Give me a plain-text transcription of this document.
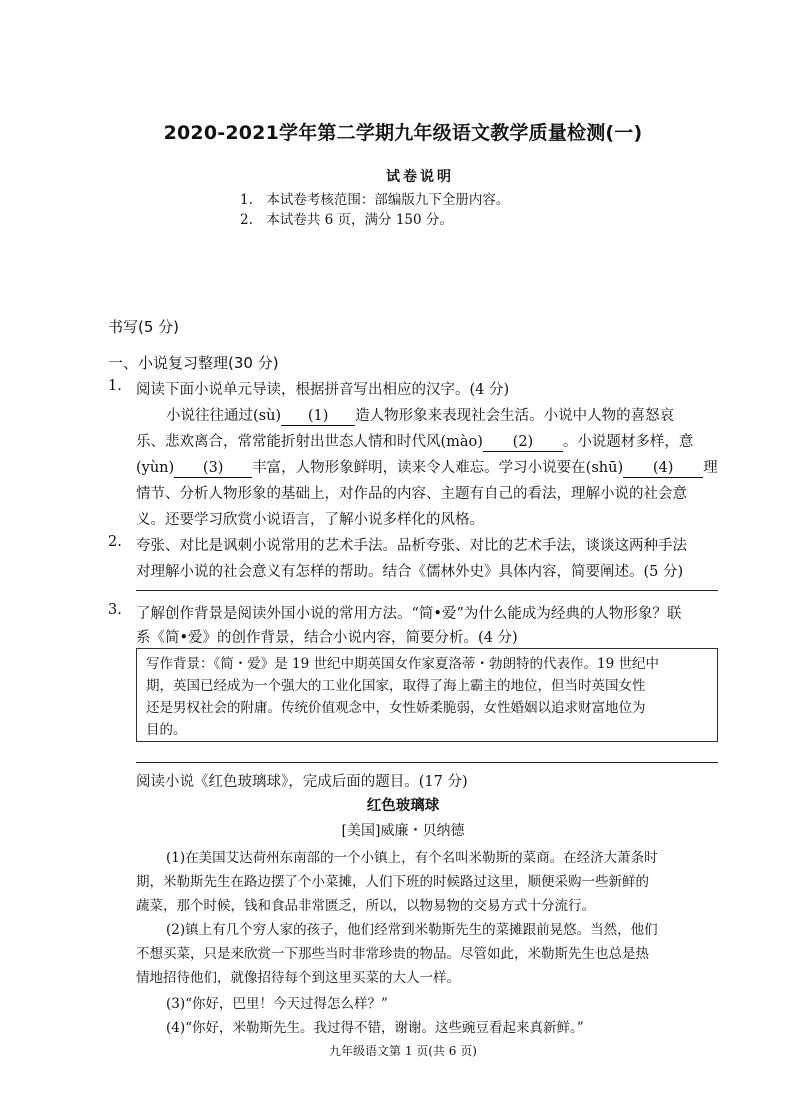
2020-2021学年第二学期九年级语文教学质量检测(一)
试卷说明
1.　本试卷考核范围：部编版九下全册内容。
2.　本试卷共 6 页，满分 150 分。
书写(5 分)
一、小说复习整理(30 分)
1. 阅读下面小说单元导读，根据拼音写出相应的汉字。(4 分)
小说往往通过(sù) (1) 造人物形象来表现社会生活。小说中人物的喜怒哀
乐、悲欢离合，常常能折射出世态人情和时代风(mào) (2) 。小说题材多样，意
(yùn) (3) 丰富，人物形象鲜明，读来令人难忘。学习小说要在(shū) (4) 理
情节、分析人物形象的基础上，对作品的内容、主题有自己的看法，理解小说的社会意
义。还要学习欣赏小说语言，了解小说多样化的风格。
2. 夸张、对比是讽刺小说常用的艺术手法。品析夸张、对比的艺术手法，谈谈这两种手法
对理解小说的社会意义有怎样的帮助。结合《儒林外史》具体内容，简要阐述。(5 分)
3. 了解创作背景是阅读外国小说的常用方法。“简•爱”为什么能成为经典的人物形象？联
系《简•爱》的创作背景，结合小说内容，简要分析。(4 分)
写作背景：《简・爱》是 19 世纪中期英国女作家夏洛蒂・勃朗特的代表作。19 世纪中
期，英国已经成为一个强大的工业化国家，取得了海上霸主的地位，但当时英国女性
还是男权社会的附庸。传统价值观念中，女性娇柔脆弱，女性婚姻以追求财富地位为
目的。
阅读小说《红色玻璃球》，完成后面的题目。(17 分)
红色玻璃球
[美国]威廉・贝纳德
(1)在美国艾达荷州东南部的一个小镇上，有个名叫米勒斯的菜商。在经济大萧条时
期，米勒斯先生在路边摆了个小菜摊，人们下班的时候路过这里，顺便采购一些新鲜的
蔬菜，那个时候，钱和食品非常匮乏，所以，以物易物的交易方式十分流行。
(2)镇上有几个穷人家的孩子，他们经常到米勒斯先生的菜摊跟前晃悠。当然，他们
不想买菜，只是来欣赏一下那些当时非常珍贵的物品。尽管如此，米勒斯先生也总是热
情地招待他们，就像招待每个到这里买菜的大人一样。
(3)“你好，巴里！今天过得怎么样？”
(4)“你好，米勒斯先生。我过得不错，谢谢。这些豌豆看起来真新鲜。”
九年级语文第 1 页(共 6 页)
